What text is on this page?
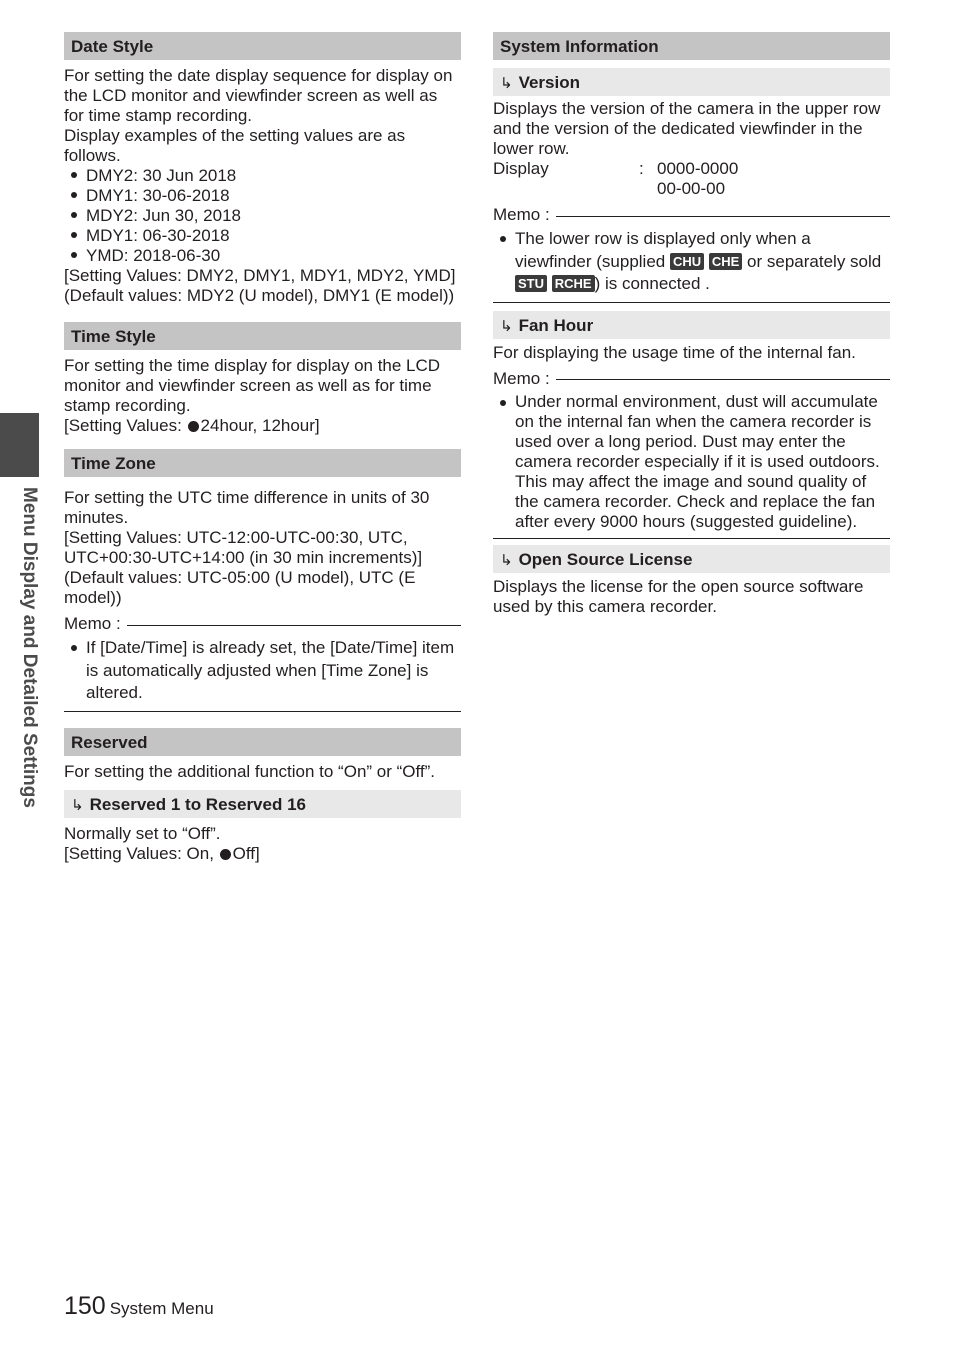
Menu Display and Detailed Settings
Date Style

For setting the date display sequence for display on the LCD monitor and viewfinder screen as well as for time stamp recording.

Display examples of the setting values are as follows.

DMY2: 30 Jun 2018
DMY1: 30-06-2018
MDY2: Jun 30, 2018
MDY1: 06-30-2018
YMD: 2018-06-30

[Setting Values: DMY2, DMY1, MDY1, MDY2, YMD]

(Default values: MDY2 (U model), DMY1 (E model))

Time Style

For setting the time display for display on the LCD monitor and viewfinder screen as well as for time stamp recording.

[Setting Values: 24hour, 12hour]

Time Zone

For setting the UTC time difference in units of 30 minutes.

[Setting Values: UTC-12:00-UTC-00:30, UTC, UTC+00:30-UTC+14:00 (in 30 min increments)]

(Default values: UTC-05:00 (U model), UTC (E model))

Memo :
If [Date/Time] is already set, the [Date/Time] item is automatically adjusted when [Time Zone] is altered.
Reserved

For setting the additional function to “On” or “Off”.

↳ Reserved 1 to Reserved 16

Normally set to “Off”.

[Setting Values: On, Off]

System Information
↳ Version

Displays the version of the camera in the upper row and the version of the dedicated viewfinder in the lower row.

Display	: 0000-0000
00-00-00
Memo :
The lower row is displayed only when a viewfinder (supplied CHU CHE or separately sold STU RCHE ) is connected .
↳ Fan Hour

For displaying the usage time of the internal fan.

Memo :
Under normal environment, dust will accumulate on the internal fan when the camera recorder is used over a long period. Dust may enter the camera recorder especially if it is used outdoors. This may affect the image and sound quality of the camera recorder. Check and replace the fan after every 9000 hours (suggested guideline).
↳ Open Source License

Displays the license for the open source software used by this camera recorder.

150 System Menu
